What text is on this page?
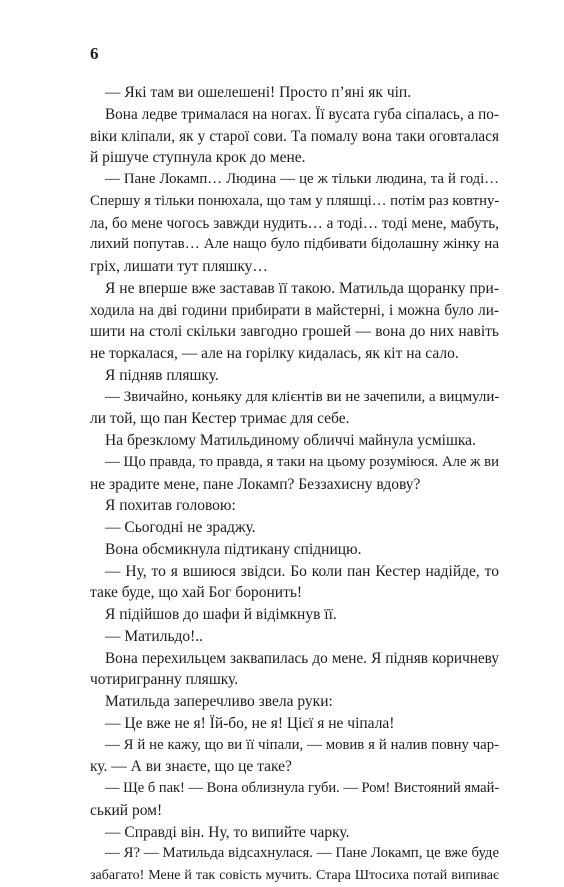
6
— Які там ви ошелешені! Просто п’яні як чіп.
Вона ледве трималася на ногах. Її вусата губа сіпалась, а по-
віки кліпали, як у старої сови. Та помалу вона таки оговталася
й рішуче ступнула крок до мене.
— Пане Локамп… Людина — це ж тільки людина, та й годі…
Спершу я тільки понюхала, що там у пляшці… потім раз ковтну-
ла, бо мене чогось завжди нудить… а тоді… тоді мене, мабуть,
лихий попутав… Але нащо було підбивати бідолашну жінку на
гріх, лишати тут пляшку…
Я не вперше вже заставав її такою. Матильда щоранку при-
ходила на дві години прибирати в майстерні, і можна було ли-
шити на столі скільки завгодно грошей — вона до них навіть
не торкалася, — але на горілку кидалась, як кіт на сало.
Я підняв пляшку.
— Звичайно, коньяку для клієнтів ви не зачепили, а вицмули-
ли той, що пан Кестер тримає для себе.
На брезклому Матильдиному обличчі майнула усмішка.
— Що правда, то правда, я таки на цьому розуміюся. Але ж ви
не зрадите мене, пане Локамп? Беззахисну вдову?
Я похитав головою:
— Сьогодні не зраджу.
Вона обсмикнула підтикану спідницю.
— Ну, то я вшиюся звідси. Бо коли пан Кестер надійде, то
таке буде, що хай Бог боронить!
Я підійшов до шафи й відімкнув її.
— Матильдо!..
Вона перехильцем заквапилась до мене. Я підняв коричневу
чотиригранну пляшку.
Матильда заперечливо звела руки:
— Це вже не я! Їй-бо, не я! Цієї я не чіпала!
— Я й не кажу, що ви її чіпали, — мовив я й налив повну чар-
ку. — А ви знаєте, що це таке?
— Ще б пак! — Вона облизнула губи. — Ром! Вистояний ямай-
ський ром!
— Справді він. Ну, то випийте чарку.
— Я? — Матильда відсахнулася. — Пане Локамп, це вже буде
забагато! Мене й так совість мучить. Стара Штосиха потай випиває
